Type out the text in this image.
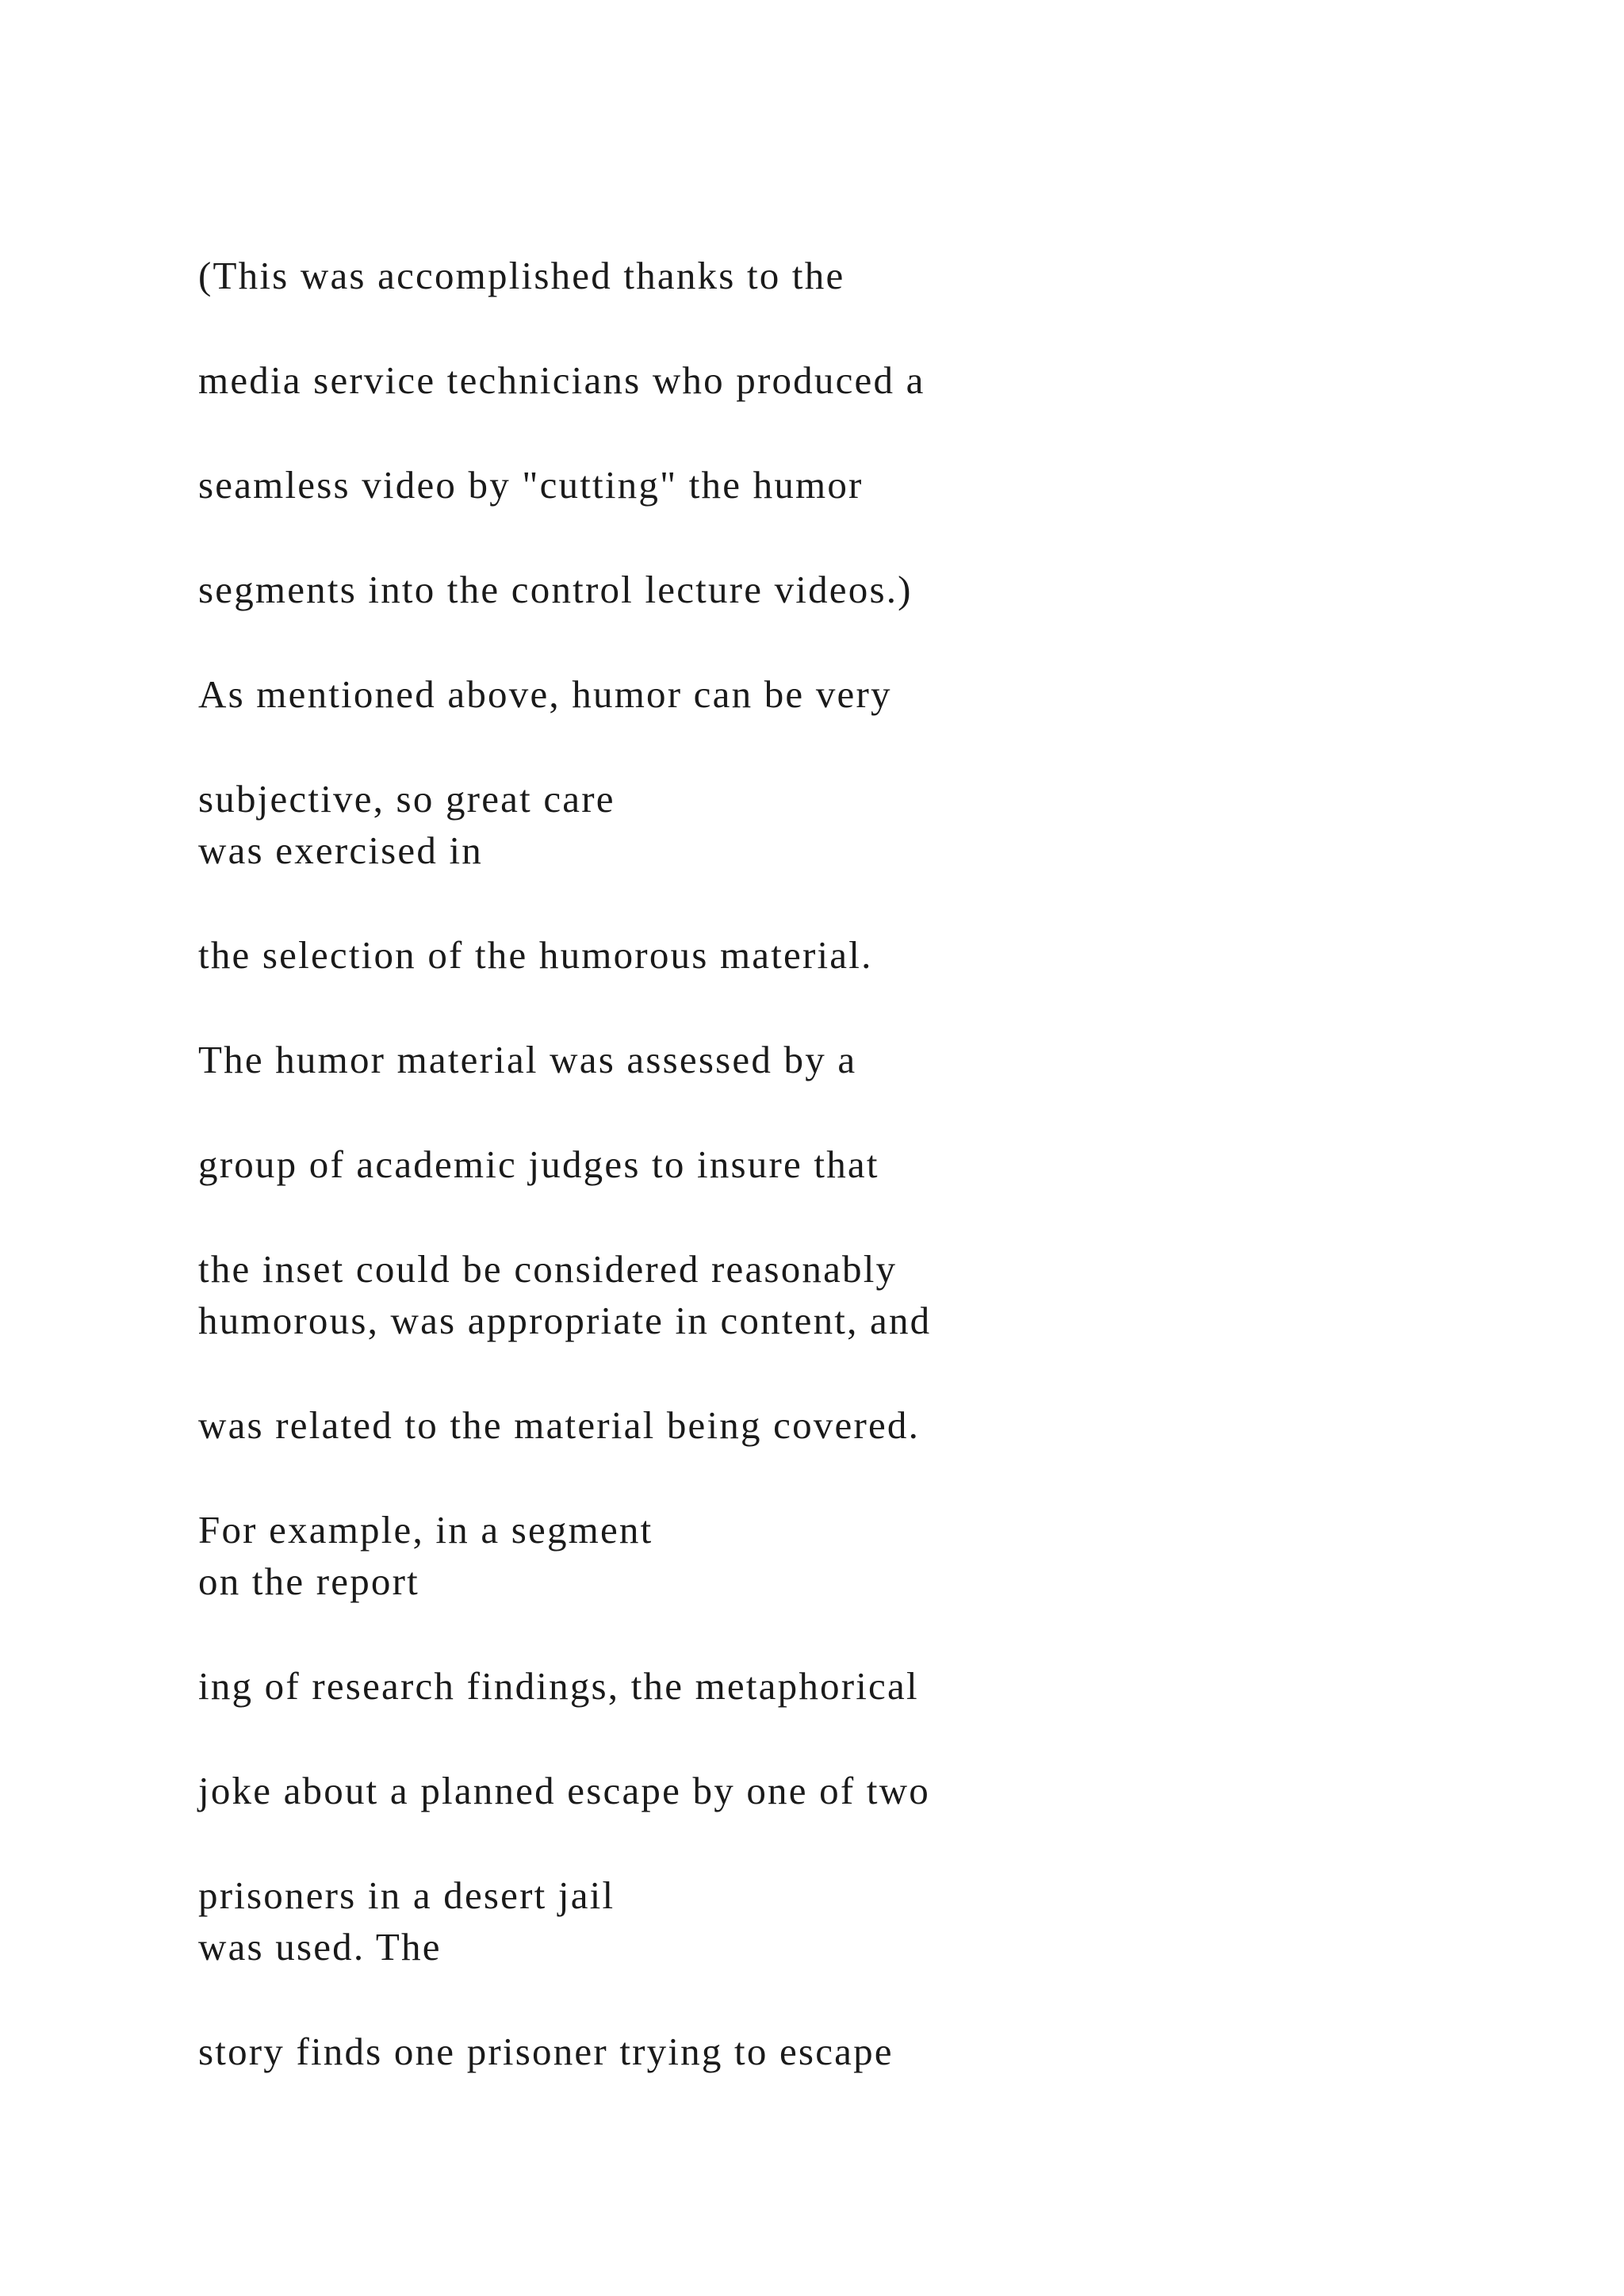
(This was accomplished thanks to the

media service technicians who produced a

seamless video by "cutting" the humor

segments into the control lecture videos.)

As mentioned above, humor can be very

subjective, so great care

was exercised in

the selection of the humorous material.

The humor material was assessed by a

group of academic judges to insure that

the inset could be considered reasonably

humorous, was appropriate in content, and

was related to the material being covered.

For example, in a segment

on the report

ing of research findings, the metaphorical

joke about a planned escape by one of two

prisoners in a desert jail

was used. The

story finds one prisoner trying to escape
